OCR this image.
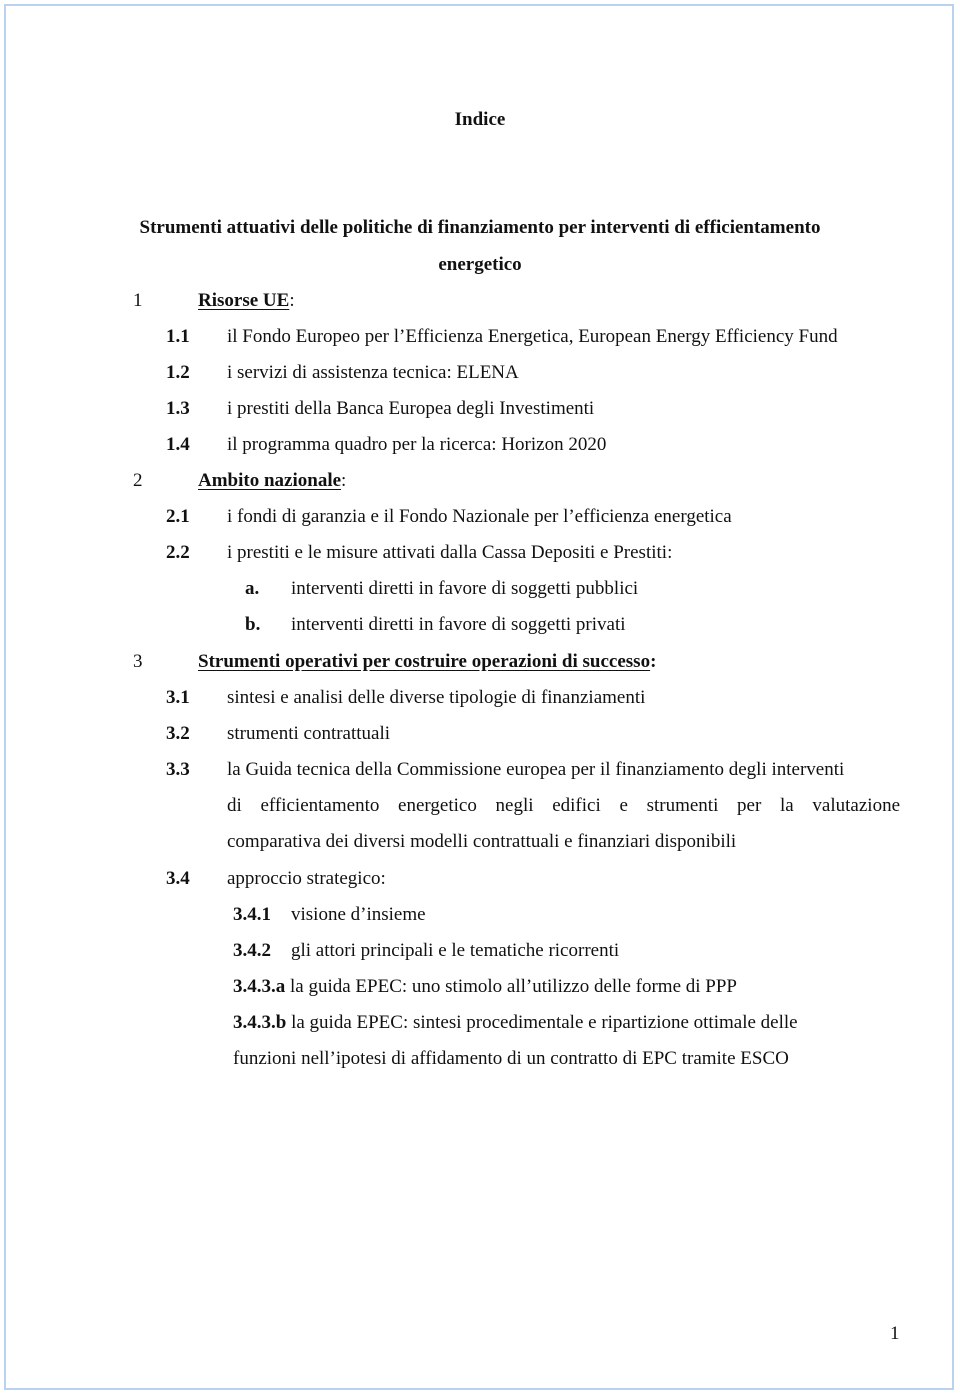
Indice
Strumenti attuativi delle politiche di finanziamento per interventi di efficientamento
energetico
1	Risorse UE:
1.1 il Fondo Europeo per l’Efficienza Energetica, European Energy Efficiency Fund
1.2 i servizi di assistenza tecnica: ELENA
1.3 i prestiti della Banca Europea degli Investimenti
1.4 il programma quadro per la ricerca: Horizon 2020
2	Ambito nazionale:
2.1 i fondi di garanzia e il Fondo Nazionale per l’efficienza energetica
2.2 i prestiti e le misure attivati dalla Cassa Depositi e Prestiti:
a. interventi diretti in favore di soggetti pubblici
b. interventi diretti in favore di soggetti privati
3	Strumenti operativi per costruire operazioni di successo:
3.1 sintesi e analisi delle diverse tipologie di finanziamenti
3.2 strumenti contrattuali
3.3 la Guida tecnica della Commissione europea per il finanziamento degli interventi
di efficientamento energetico negli edifici e strumenti per la valutazione
comparativa dei diversi modelli contrattuali e finanziari disponibili
3.4 approccio strategico:
3.4.1 visione d’insieme
3.4.2 gli attori principali e le tematiche ricorrenti
3.4.3.a la guida EPEC: uno stimolo all’utilizzo delle forme di PPP
3.4.3.b la guida EPEC: sintesi procedimentale e ripartizione ottimale delle
funzioni nell’ipotesi di affidamento di un contratto di EPC tramite ESCO
1
